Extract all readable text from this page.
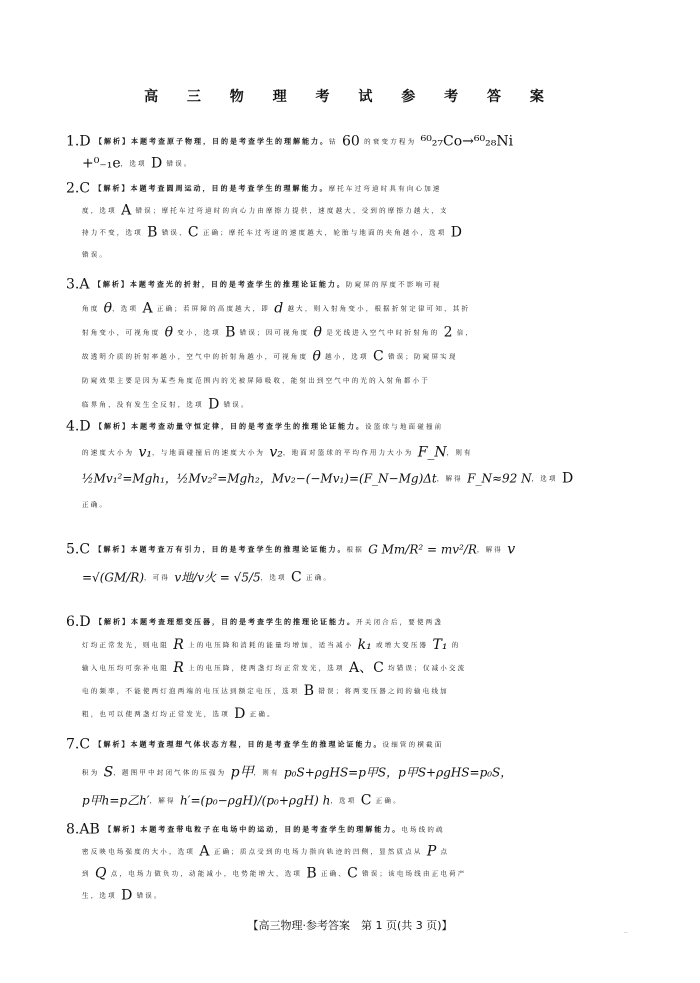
高 三 物 理 考 试 参 考 答 案
1.D 【解析】本题考查原子物理，目的是考查学生的理解能力。钴 60 的衰变方程为 ⁶⁰₂₇Co→⁶⁰₂₈Ni
+⁰₋₁e，选项 D 错误。
2.C 【解析】本题考查圆周运动，目的是考查学生的理解能力。摩托车过弯道时具有向心加速
度，选项 A 错误；摩托车过弯道时的向心力由摩擦力提供，速度越大，受到的摩擦力越大，支
持力不变，选项 B 错误、C 正确；摩托车过弯道的速度越大，轮胎与地面的夹角越小，选项 D
错误。
3.A 【解析】本题考查光的折射，目的是考查学生的推理论证能力。防窥屏的厚度不影响可视
角度 θ，选项 A 正确；若屏障的高度越大，即 d 越大，则入射角变小，根据折射定律可知，其折
射角变小，可视角度 θ 变小，选项 B 错误；因可视角度 θ 是光线进入空气中时折射角的 2 倍，
故透明介质的折射率越小，空气中的折射角越小，可视角度 θ 越小，选项 C 错误；防窥屏实现
防窥效果主要是因为某些角度范围内的光被屏障吸收，能射出到空气中的光的入射角都小于
临界角，没有发生全反射，选项 D 错误。
4.D 【解析】本题考查动量守恒定律，目的是考查学生的推理论证能力。设篮球与地面碰撞前
的速度大小为 v₁，与地面碰撞后的速度大小为 v₂，地面对篮球的平均作用力大小为 F_N，则有
½Mv₁²=Mgh₁，½Mv₂²=Mgh₂，Mv₂−(−Mv₁)=(F_N−Mg)Δt，解得 F_N≈92 N，选项 D
正确。
5.C 【解析】本题考查万有引力，目的是考查学生的推理论证能力。根据 G Mm/R² = mv²/R，解得 v
=√(GM/R)，可得 v地/v火 = √5/5，选项 C 正确。
6.D 【解析】本题考查理想变压器，目的是考查学生的推理论证能力。开关闭合后，要使两盏
灯均正常发光，则电阻 R 上的电压降和消耗的能量均增加，适当减小 k₁ 或增大变压器 T₁ 的
输入电压均可弥补电阻 R 上的电压降，使两盏灯均正常发光，选项 A、C 均错误；仅减小交流
电的频率，不能使两灯泡两端的电压达到额定电压，选项 B 错误；将两变压器之间的输电线加
粗，也可以使两盏灯均正常发光，选项 D 正确。
7.C 【解析】本题考查理想气体状态方程，目的是考查学生的推理论证能力。设细管的横截面
积为 S，题图甲中封闭气体的压强为 p甲，则有 p₀S+ρgHS=p甲S，p甲S+ρgHS=p₀S，
p甲h=p乙h′，解得 h′=(p₀−ρgH)/(p₀+ρgH) h，选项 C 正确。
8.AB 【解析】本题考查带电粒子在电场中的运动，目的是考查学生的理解能力。电场线的疏
密反映电场强度的大小，选项 A 正确；质点受到的电场力指向轨迹的凹侧，显然质点从 P 点
到 Q 点，电场力做负功，动能减小，电势能增大，选项 B 正确、C 错误；该电场线由正电荷产
生，选项 D 错误。
【高三物理·参考答案　第 1 页(共 3 页)】
··
